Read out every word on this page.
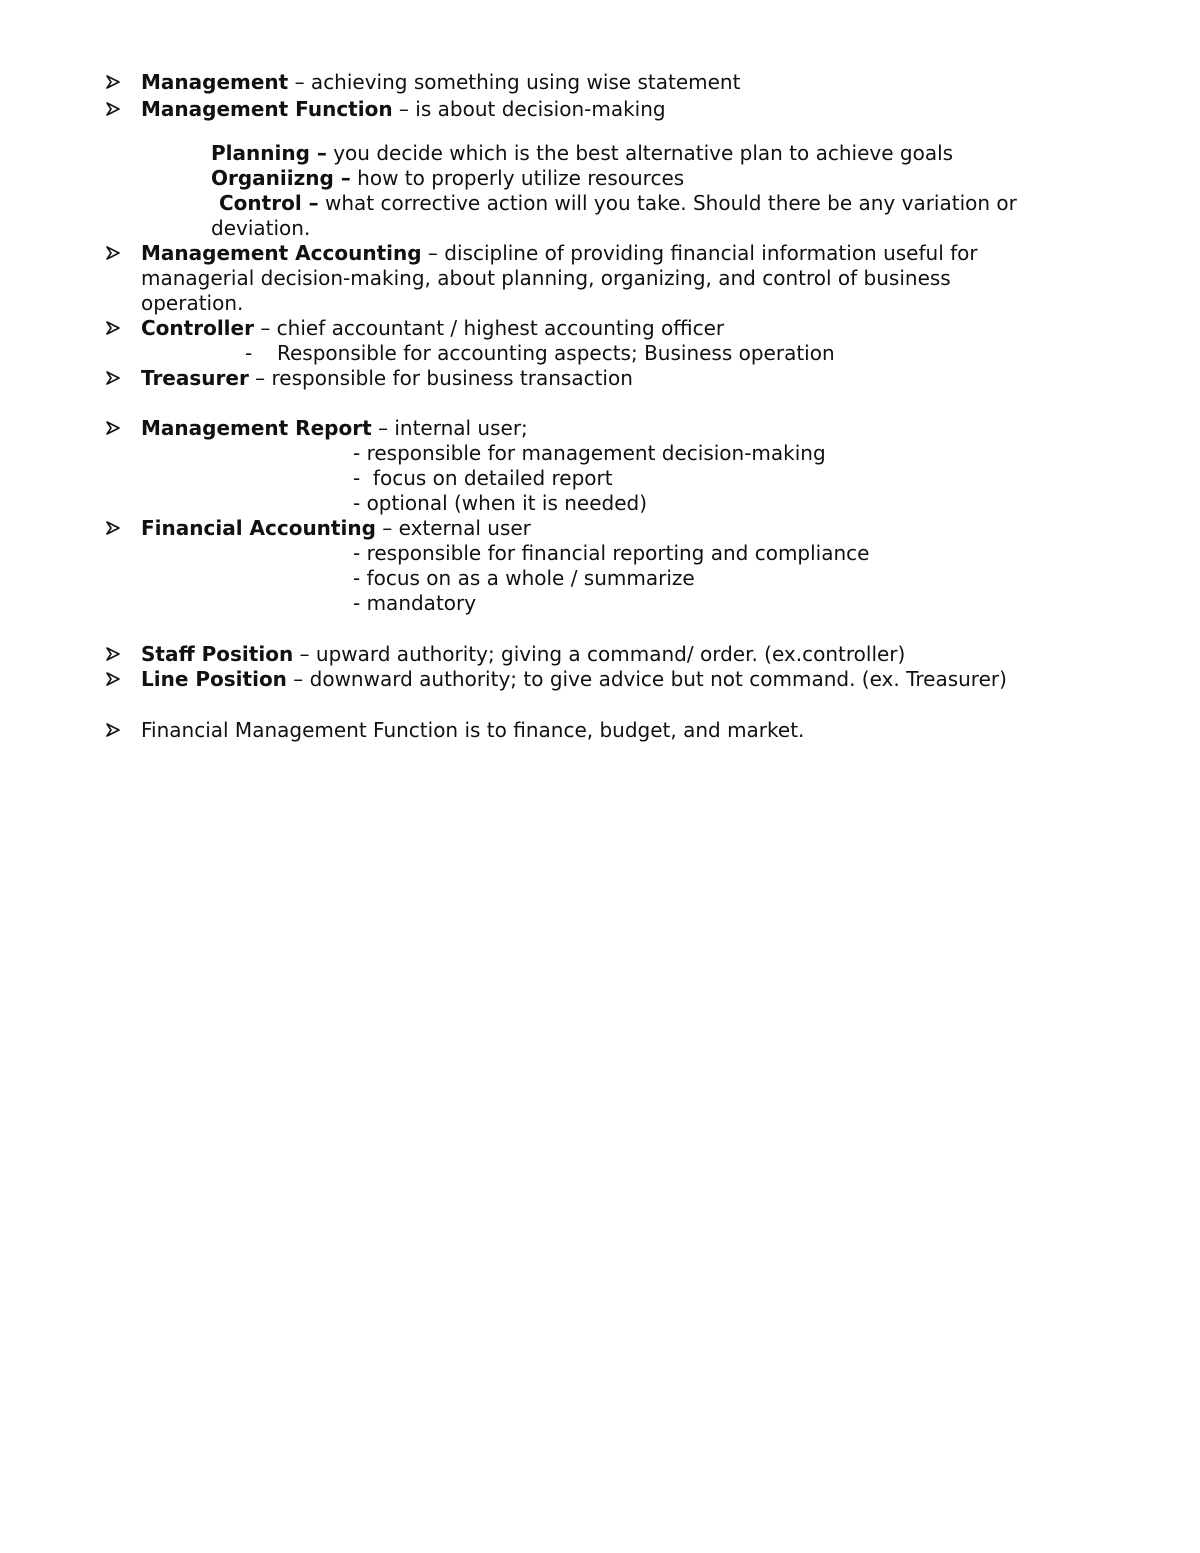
Management – achieving something using wise statement
Management Function – is about decision-making
Planning – you decide which is the best alternative plan to achieve goals
Organiizng – how to properly utilize resources
Control – what corrective action will you take. Should there be any variation or
deviation.
Management Accounting – discipline of providing financial information useful for
managerial decision-making, about planning, organizing, and control of business
operation.
Controller – chief accountant / highest accounting officer
- Responsible for accounting aspects; Business operation
Treasurer – responsible for business transaction
Management Report – internal user;
- responsible for management decision-making
-  focus on detailed report
- optional (when it is needed)
Financial Accounting – external user
- responsible for financial reporting and compliance
- focus on as a whole / summarize
- mandatory
Staff Position – upward authority; giving a command/ order. (ex.controller)
Line Position – downward authority; to give advice but not command. (ex. Treasurer)
Financial Management Function is to finance, budget, and market.
